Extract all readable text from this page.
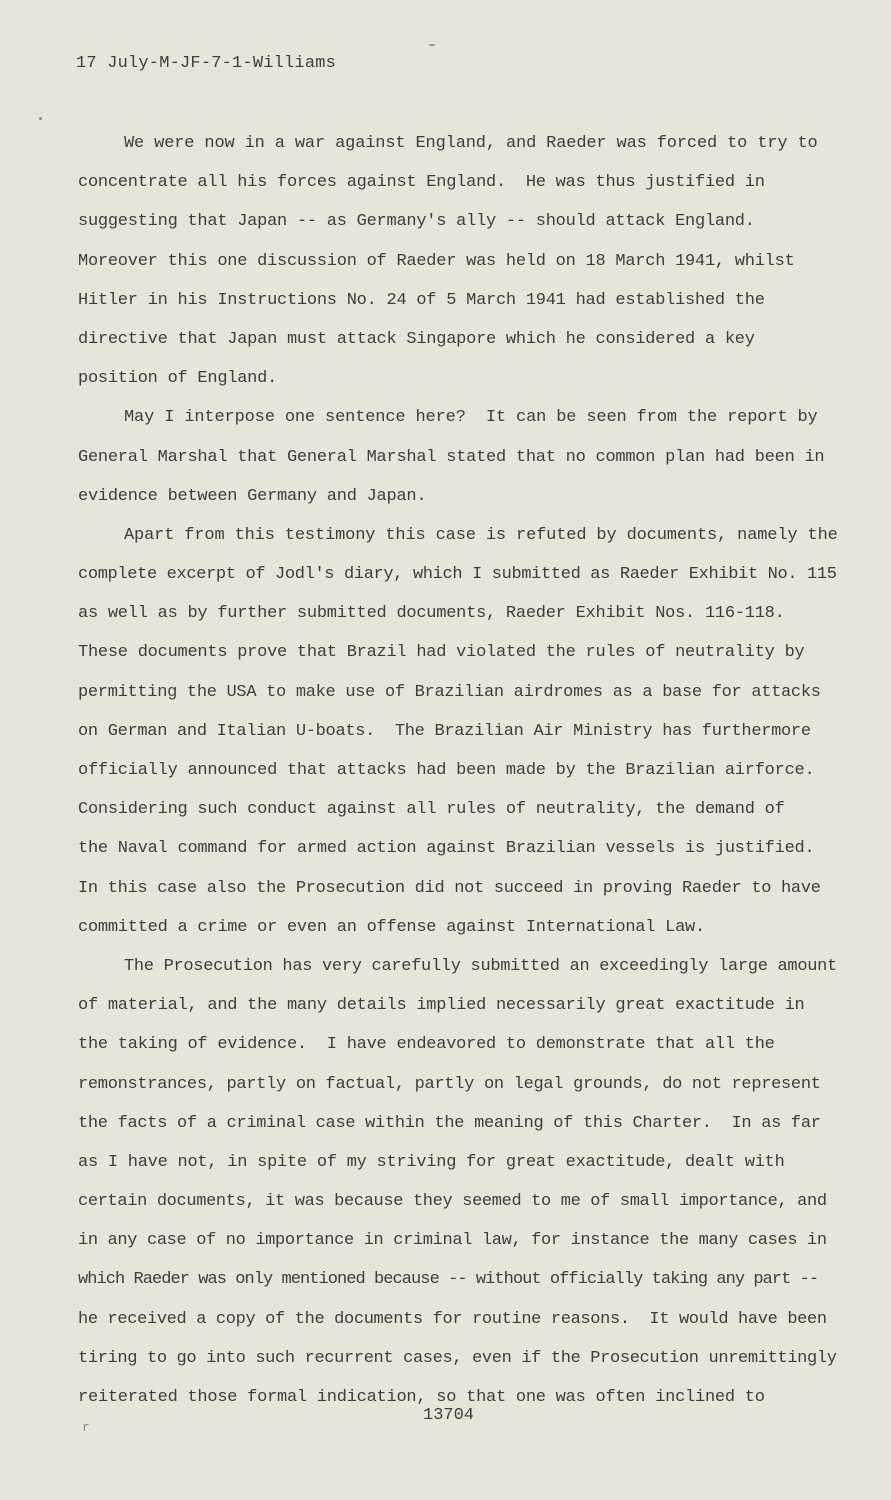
17 July-M-JF-7-1-Williams
We were now in a war against England, and Raeder was forced to try to
concentrate all his forces against England.  He was thus justified in
suggesting that Japan -- as Germany's ally -- should attack England.
Moreover this one discussion of Raeder was held on 18 March 1941, whilst
Hitler in his Instructions No. 24 of 5 March 1941 had established the
directive that Japan must attack Singapore which he considered a key
position of England.
May I interpose one sentence here?  It can be seen from the report by
General Marshal that General Marshal stated that no common plan had been in
evidence between Germany and Japan.
Apart from this testimony this case is refuted by documents, namely the
complete excerpt of Jodl's diary, which I submitted as Raeder Exhibit No. 115
as well as by further submitted documents, Raeder Exhibit Nos. 116-118.
These documents prove that Brazil had violated the rules of neutrality by
permitting the USA to make use of Brazilian airdromes as a base for attacks
on German and Italian U-boats.  The Brazilian Air Ministry has furthermore
officially announced that attacks had been made by the Brazilian airforce.
Considering such conduct against all rules of neutrality, the demand of
the Naval command for armed action against Brazilian vessels is justified.
In this case also the Prosecution did not succeed in proving Raeder to have
committed a crime or even an offense against International Law.
The Prosecution has very carefully submitted an exceedingly large amount
of material, and the many details implied necessarily great exactitude in
the taking of evidence.  I have endeavored to demonstrate that all the
remonstrances, partly on factual, partly on legal grounds, do not represent
the facts of a criminal case within the meaning of this Charter.  In as far
as I have not, in spite of my striving for great exactitude, dealt with
certain documents, it was because they seemed to me of small importance, and
in any case of no importance in criminal law, for instance the many cases in
which Raeder was only mentioned because -- without officially taking any part --
he received a copy of the documents for routine reasons.  It would have been
tiring to go into such recurrent cases, even if the Prosecution unremittingly
reiterated those formal indication, so that one was often inclined to
13704
r
